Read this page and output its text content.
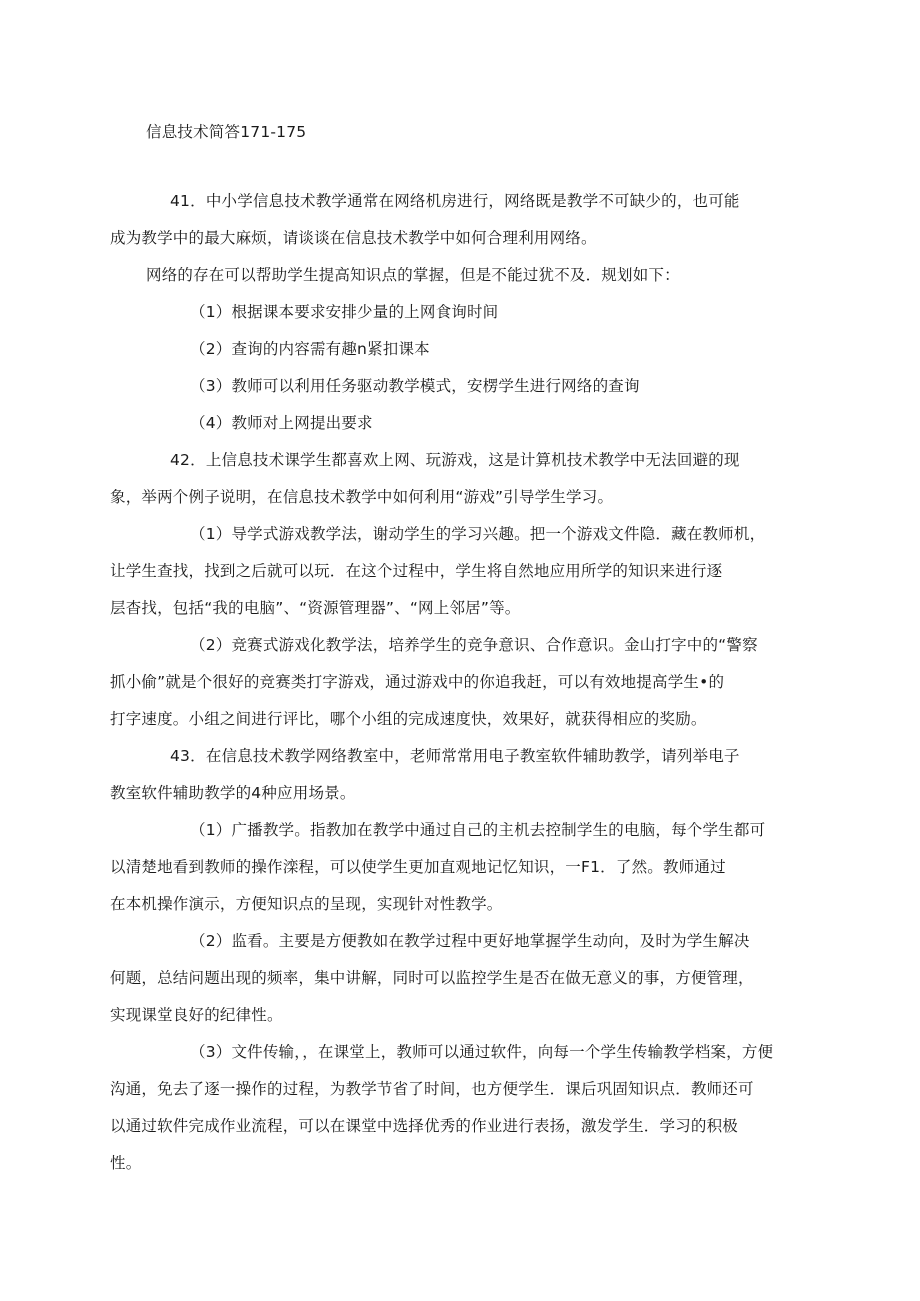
信息技术简答171-175
41．中小学信息技术教学通常在网络机房进行，网络既是教学不可缺少的，也可能
成为教学中的最大麻烦，请谈谈在信息技术教学中如何合理利用网络。
网络的存在可以帮助学生提高知识点的掌握，但是不能过犹不及．规划如下：
（1）根据课本要求安排少量的上网食询时间
（2）查询的内容需有趣n紧扣课本
（3）教师可以利用任务驱动教学模式，安楞学生进行网络的查询
（4）教师对上网提出要求
42．上信息技术课学生都喜欢上网、玩游戏，这是计算机技术教学中无法回避的现
象，举两个例子说明，在信息技术教学中如何利用“游戏”引导学生学习。
（1）导学式游戏教学法，谢动学生的学习兴趣。把一个游戏文件隐．藏在教师机，
让学生查找，找到之后就可以玩．在这个过程中，学生将自然地应用所学的知识来进行逐
层杳找，包括“我的电脑”、“资源管理器”、“网上邻居”等。
（2）竞赛式游戏化教学法，培养学生的竞争意识、合作意识。金山打字中的“警察
抓小偷”就是个很好的竞赛类打字游戏，通过游戏中的你追我赶，可以有效地提高学生•的
打字速度。小组之间进行评比，哪个小组的完成速度快，效果好，就获得相应的奖励。
43．在信息技术教学网络教室中，老师常常用电子教室软件辅助教学，请列举电子
教室软件辅助教学的4种应用场景。
（1）广播教学。指教加在教学中通过自己的主机去控制学生的电脑，每个学生都可
以清楚地看到教师的操作滦程，可以使学生更加直观地记忆知识，一F1．了然。教师通过
在本机操作演示，方便知识点的呈现，实现针对性教学。
（2）监看。主要是方便教如在教学过程中更好地掌握学生动向，及时为学生解决
何题，总结问题出现的频率，集中讲解，同时可以监控学生是否在做无意义的事，方便管理，
实现课堂良好的纪律性。
（3）文件传输，，在课堂上，教师可以通过软件，向每一个学生传输教学档案，方便
沟通，免去了逐一操作的过程，为教学节省了时间，也方便学生．课后巩固知识点．教师还可
以通过软件完成作业流程，可以在课堂中选择优秀的作业进行表扬，激发学生．学习的积极
性。
